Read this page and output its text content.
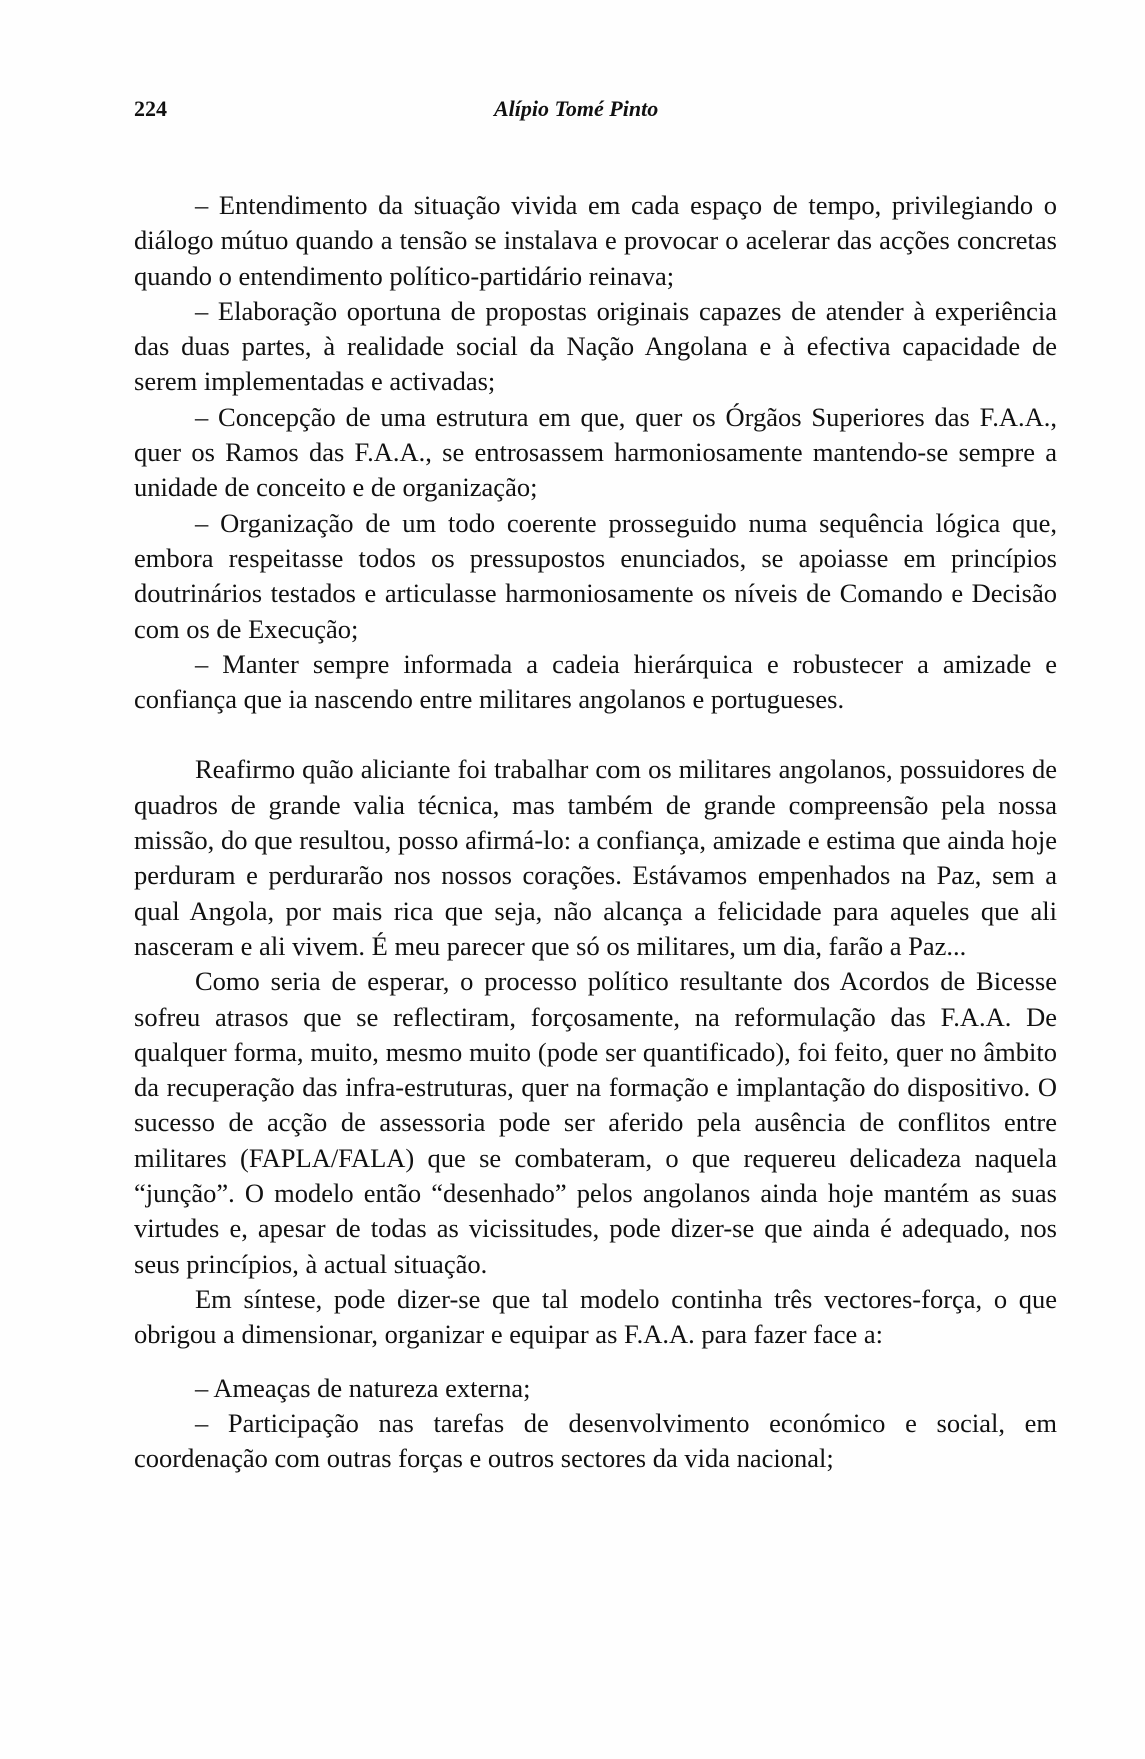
224	Alípio Tomé Pinto

– Entendimento da situação vivida em cada espaço de tempo, privilegiando o diálogo mútuo quando a tensão se instalava e provocar o acelerar das acções concretas quando o entendimento político-partidário reinava;

– Elaboração oportuna de propostas originais capazes de atender à experiência das duas partes, à realidade social da Nação Angolana e à efectiva capacidade de serem implementadas e activadas;

– Concepção de uma estrutura em que, quer os Órgãos Superiores das F.A.A., quer os Ramos das F.A.A., se entrosassem harmoniosamente mantendo-se sempre a unidade de conceito e de organização;

– Organização de um todo coerente prosseguido numa sequência lógica que, embora respeitasse todos os pressupostos enunciados, se apoiasse em princípios doutrinários testados e articulasse harmoniosamente os níveis de Comando e Decisão com os de Execução;

– Manter sempre informada a cadeia hierárquica e robustecer a amizade e confiança que ia nascendo entre militares angolanos e portugueses.

Reafirmo quão aliciante foi trabalhar com os militares angolanos, possuidores de quadros de grande valia técnica, mas também de grande compreensão pela nossa missão, do que resultou, posso afirmá-lo: a confiança, amizade e estima que ainda hoje perduram e perdurarão nos nossos corações. Estávamos empenhados na Paz, sem a qual Angola, por mais rica que seja, não alcança a felicidade para aqueles que ali nasceram e ali vivem. É meu parecer que só os militares, um dia, farão a Paz...

Como seria de esperar, o processo político resultante dos Acordos de Bicesse sofreu atrasos que se reflectiram, forçosamente, na reformulação das F.A.A. De qualquer forma, muito, mesmo muito (pode ser quantificado), foi feito, quer no âmbito da recuperação das infra-estruturas, quer na formação e implantação do dispositivo. O sucesso de acção de assessoria pode ser aferido pela ausência de conflitos entre militares (FAPLA/FALA) que se combateram, o que requereu delicadeza naquela “junção”. O modelo então “desenhado” pelos angolanos ainda hoje mantém as suas virtudes e, apesar de todas as vicissitudes, pode dizer-se que ainda é adequado, nos seus princípios, à actual situação.

Em síntese, pode dizer-se que tal modelo continha três vectores-força, o que obrigou a dimensionar, organizar e equipar as F.A.A. para fazer face a:

– Ameaças de natureza externa;

– Participação nas tarefas de desenvolvimento económico e social, em coordenação com outras forças e outros sectores da vida nacional;
